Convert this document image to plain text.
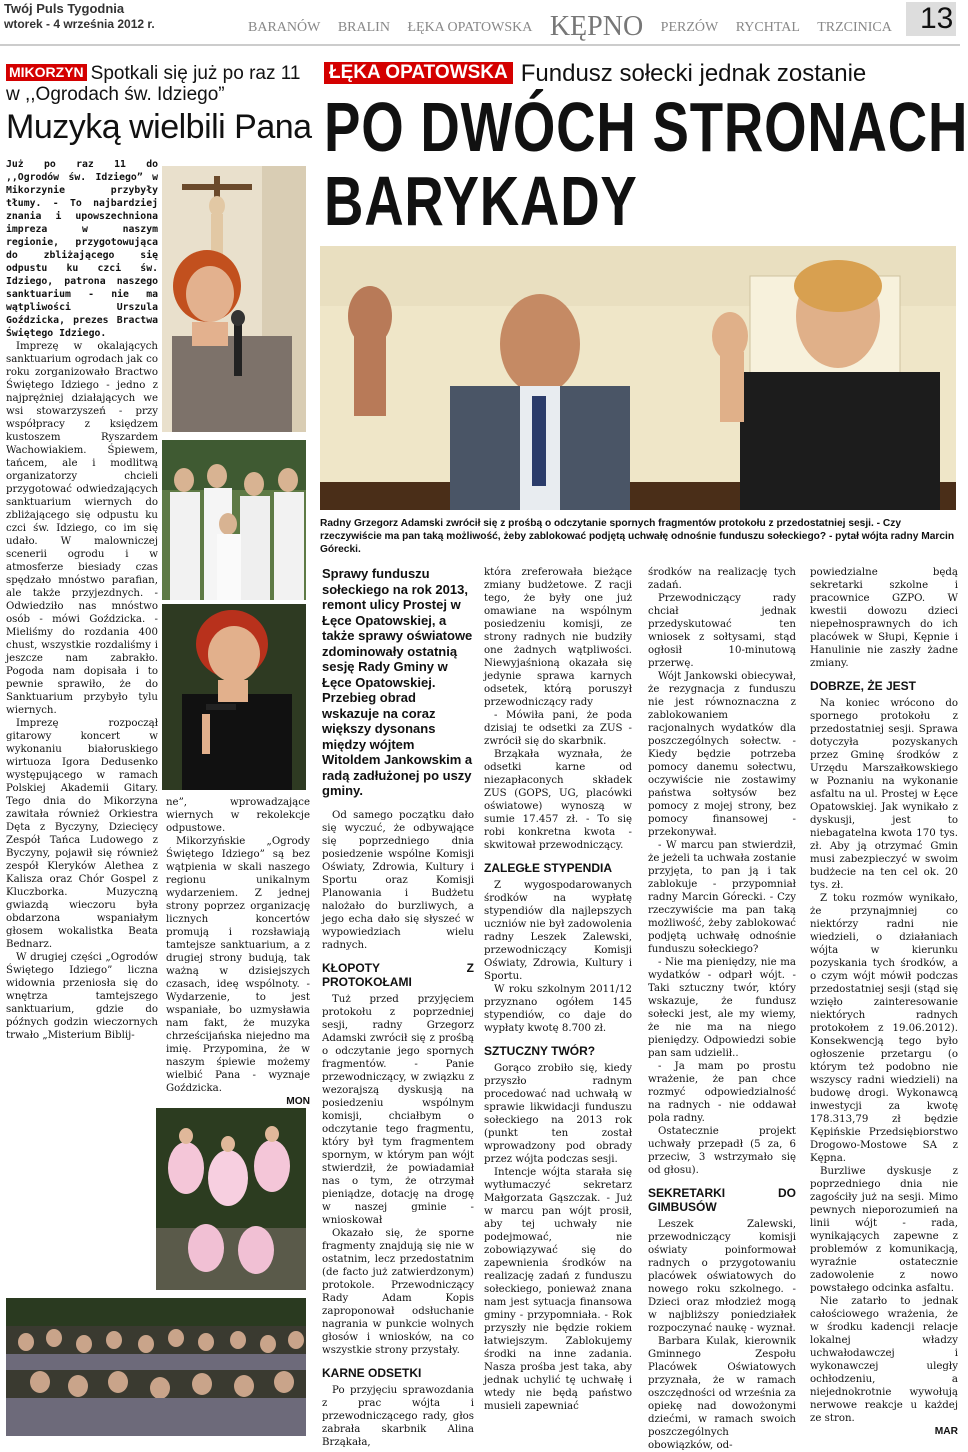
Twój Puls Tygodnia
wtorek - 4 września 2012 r.	BARANÓW BRALIN ŁĘKA OPATOWSKA KĘPNO PERZÓW RYCHTAL TRZCINICA 13
MIKORZYN Spotkali się już po raz 11 w ,,Ogrodach św. Idziego”
Muzyką wielbili Pana
Już po raz 11 do ,,Ogrodów św. Idziego” w Mikorzynie przybyły tłumy. - To najbardziej znania i upowszechniona impreza w naszym regionie, przygotowująca do zbliżającego się odpustu ku czci św. Idziego, patrona naszego sanktuarium - nie ma wątpliwości Urszula Goździcka, prezes Bractwa Świętego Idziego.

Imprezę w okalających sanktuarium ogrodach jak co roku zorganizowało Bractwo Świętego Idziego - jedno z najprężniej działających we wsi stowarzyszeń - przy współpracy z księdzem kustoszem Ryszardem Wachowiakiem. Śpiewem, tańcem, ale i modlitwą organizatorzy chcieli przygotować odwiedzających sanktuarium wiernych do zbliżającego się odpustu ku czci św. Idziego, co im się udało. W malowniczej scenerii ogrodu i w atmosferze biesiady czas spędzało mnóstwo parafian, ale także przyjezdnych. - Odwiedziło nas mnóstwo osób - mówi Goździcka. - Mieliśmy do rozdania 400 chust, wszystkie rozdaliśmy i jeszcze nam zabrakło. Pogoda nam dopisała i to pewnie sprawiło, że do Sanktuarium przybyło tylu wiernych.

Imprezę rozpoczął gitarowy koncert w wykonaniu białoruskiego wirtuoza Igora Dedusenko występującego w ramach Polskiej Akademii Gitary. Tego dnia do Mikorzyna zawitała również Orkiestra Dęta z Byczyny, Dziecięcy Zespół Tańca Ludowego z Byczyny, pojawił się również zespół Kleryków Alethea z Kalisza oraz Chór Gospel z Kluczborka. Muzyczną gwiazdą wieczoru była obdarzona wspaniałym głosem wokalistka Beata Bednarz.

W drugiej części „Ogrodów Świętego Idziego” liczna widownia przeniosła się do wnętrza tamtejszego sanktuarium, gdzie do późnych godzin wieczornych trwało „Misterium Biblij-

ne”, wprowadzające wiernych w rekolekcje odpustowe.

Mikorzyńskie „Ogrody Świętego Idziego” są bez wątpienia w skali naszego regionu unikalnym wydarzeniem. Z jednej strony poprzez organizację licznych koncertów promują i rozsławiają tamtejsze sanktuarium, a z drugiej strony budują, tak ważną w dzisiejszych czasach, ideę wspólnoty. - Wydarzenie, to jest wspaniałe, bo uzmysławia nam fakt, że muzyka chrześcijańska niejedno ma imię. Przypomina, że w naszym śpiewie możemy wielbić Pana - wyznaje Goździcka.

MON
ŁĘKA OPATOWSKA Fundusz sołecki jednak zostanie
PO DWÓCH STRONACH
BARYKADY
Radny Grzegorz Adamski zwrócił się z prośbą o odczytanie spornych fragmentów protokołu z przedostatniej sesji. - Czy rzeczywiście ma pan taką możliwość, żeby zablokować podjętą uchwałę odnośnie funduszu sołeckiego? - pytał wójta radny Marcin Górecki.
Sprawy funduszu sołeckiego na rok 2013, remont ulicy Prostej w Łęce Opatowskiej, a także sprawy oświatowe zdominowały ostatnią sesję Rady Gminy w Łęce Opatowskiej. Przebieg obrad wskazuje na coraz większy dysonans między wójtem Witoldem Jankowskim a radą zadłużonej po uszy gminy.

Od samego początku dało się wyczuć, że odbywające się poprzedniego dnia posiedzenie wspólne Komisji Oświaty, Zdrowia, Kultury i Sportu oraz Komisji Planowania i Budżetu nalożało do burzliwych, a jego echa dało się słyszeć w wypowiedziach wielu radnych.

KŁOPOTY Z PROTOKOŁAMI

Tuż przed przyjęciem protokołu z poprzedniej sesji, radny Grzegorz Adamski zwrócił się z prośbą o odczytanie jego spornych fragmentów. - Panie przewodniczący, w związku z wezorajszą dyskusją na posiedzeniu wspólnym komisji, chciałbym o odczytanie tego fragmentu, który był tym fragmentem spornym, w którym pan wójt stwierdził, że powiadamiał nas o tym, że otrzymał pieniądze, dotację na drogę w naszej gminie - wnioskował

Okazało się, że sporne fragmenty znajdują się nie w ostatnim, lecz przedostatnim (de facto już zatwierdzonym) protokole. Przewodniczący Rady Adam Kopis zaproponował odsłuchanie nagrania w punkcie wolnych głosów i wniosków, na co wszystkie strony przystały.

KARNE ODSETKI

Po przyjęciu sprawozdania z prac wójta i przewodniczącego rady, głos zabrała skarbnik Alina Brząkała,

która zreferowała bieżące zmiany budżetowe. Z racji tego, że były one już omawiane na wspólnym posiedzeniu komisji, ze strony radnych nie budziły one żadnych wątpliwości. Niewyjaśnioną okazała się jedynie sprawa karnych odsetek, którą poruszył przewodniczący rady

- Mówiła pani, że poda dzisiaj te odsetki za ZUS - zwrócił się do skarbnik.

Brząkała wyznała, że odsetki karne od niezapłaconych składek ZUS (GOPS, UG, placówki oświatowe) wynoszą w sumie 17.457 zł. - To się robi konkretna kwota - skwitował przewodniczący.

ZALEGŁE STYPENDIA

Z wygospodarowanych środków na wypłatę stypendiów dla najlepszych uczniów nie był zadowolenia radny Leszek Zalewski, przewodniczący Komisji Oświaty, Zdrowia, Kultury i Sportu.

W roku szkolnym 2011/12 przyznano ogółem 145 stypendiów, co daje do wypłaty kwotę 8.700 zł.

SZTUCZNY TWÓR?

Gorąco zrobiło się, kiedy przyszło radnym procedować nad uchwałą w sprawie likwidacji funduszu sołeckiego na 2013 rok (punkt ten został wprowadzony pod obrady przez wójta podczas sesji.

Intencje wójta starała się wytłumaczyć sekretarz Małgorzata Gąszczak. - Już w marcu pan wójt prosił, aby tej uchwały nie podejmować, nie zobowiązywać się do zapewnienia środków na realizację zadań z funduszu sołeckiego, ponieważ znana nam jest sytuacja finansowa gminy - przypomniała. - Rok przyszły nie będzie rokiem łatwiejszym. Zablokujemy środki na inne zadania. Nasza prośba jest taka, aby jednak uchylić tę uchwałę i wtedy nie będą państwo musieli zapewniać

środków na realizację tych zadań.

Przewodniczący rady chciał jednak przedyskutować ten wniosek z sołtysami, stąd ogłosił 10-minutową przerwę.

Wójt Jankowski obiecywał, że rezygnacja z funduszu nie jest równoznaczna z zablokowaniem racjonalnych wydatków dla poszczególnych sołectw. - Kiedy będzie potrzeba pomocy danemu sołectwu, oczywiście nie zostawimy państwa sołtysów bez pomocy z mojej strony, bez pomocy finansowej - przekonywał.

- W marcu pan stwierdził, że jeżeli ta uchwała zostanie przyjęta, to pan ją i tak zablokuje - przypomniał radny Marcin Górecki. - Czy rzeczywiście ma pan taką możliwość, żeby zablokować podjętą uchwałę odnośnie funduszu sołeckiego?

- Nie ma pieniędzy, nie ma wydatków - odparł wójt. - Taki sztuczny twór, który wskazuje, że fundusz sołecki jest, ale my wiemy, że nie ma na niego pieniędzy. Odpowiedzi sobie pan sam udzielił..

- Ja mam po prostu wrażenie, że pan chce rozmyć odpowiedzialność na radnych - nie oddawał pola radny.

Ostatecznie projekt uchwały przepadł (5 za, 6 przeciw, 3 wstrzymało się od głosu).

SEKRETARKI DO GIMBUSÓW

Leszek Zalewski, przewodniczący komisji oświaty poinformował radnych o przygotowaniu placówek oświatowych do nowego roku szkolnego. - Dzieci oraz młodzież mogą w najbliższy poniedziałek rozpoczynać naukę - wyznał.

Barbara Kulak, kierownik Gminnego Zespołu Placówek Oświatowych przyznała, że w ramach oszczędności od września za opiekę nad dowożonymi dziećmi, w ramach swoich poszczególnych obowiązków, od-

powiedzialne będą sekretarki szkolne i pracownice GZPO. W kwestii dowozu dzieci niepełnosprawnych do ich placówek w Słupi, Kępnie i Hanulinie nie zaszły żadne zmiany.

DOBRZE, ŻE JEST

Na koniec wrócono do spornego protokołu z przedostatniej sesji. Sprawa dotyczyła pozyskanych przez Gminę środków z Urzędu Marszałkowskiego w Poznaniu na wykonanie asfaltu na ul. Prostej w Łęce Opatowskiej. Jak wynikało z dyskusji, jest to niebagatelna kwota 170 tys. zł. Aby ją otrzymać Gmin musi zabezpieczyć w swoim budżecie na ten cel ok. 20 tys. zł.

Z toku rozmów wynikało, że przynajmniej co niektórzy radni nie wiedzieli, o działaniach wójta w kierunku pozyskania tych środków, a o czym wójt mówił podczas przedostatniej sesji (stąd się wzięło zainteresowanie niektórych radnych protokołem z 19.06.2012). Konsekwencją tego było ogłoszenie przetargu (o którym też podobno nie wszyscy radni wiedzieli) na budowę drogi. Wykonawcą inwestycji za kwotę 178.313,79 zł będzie Kępińskie Przedsiębiorstwo Drogowo-Mostowe SA z Kępna.

Burzliwe dyskusje z poprzedniego dnia nie zagościły już na sesji. Mimo pewnych nieporozumień na linii wójt - rada, wynikających zapewne z problemów z komunikacją, wyraźnie ostatecznie zadowolenie z nowo powstałego odcinka asfaltu.

Nie zatarło to jednak całościowego wrażenia, że w środku kadencji relacje lokalnej władzy uchwałodawczej i wykonawczej uległy ochłodzeniu, a niejednokrotnie wywołują nerwowe reakcje u każdej ze stron.

MAR
